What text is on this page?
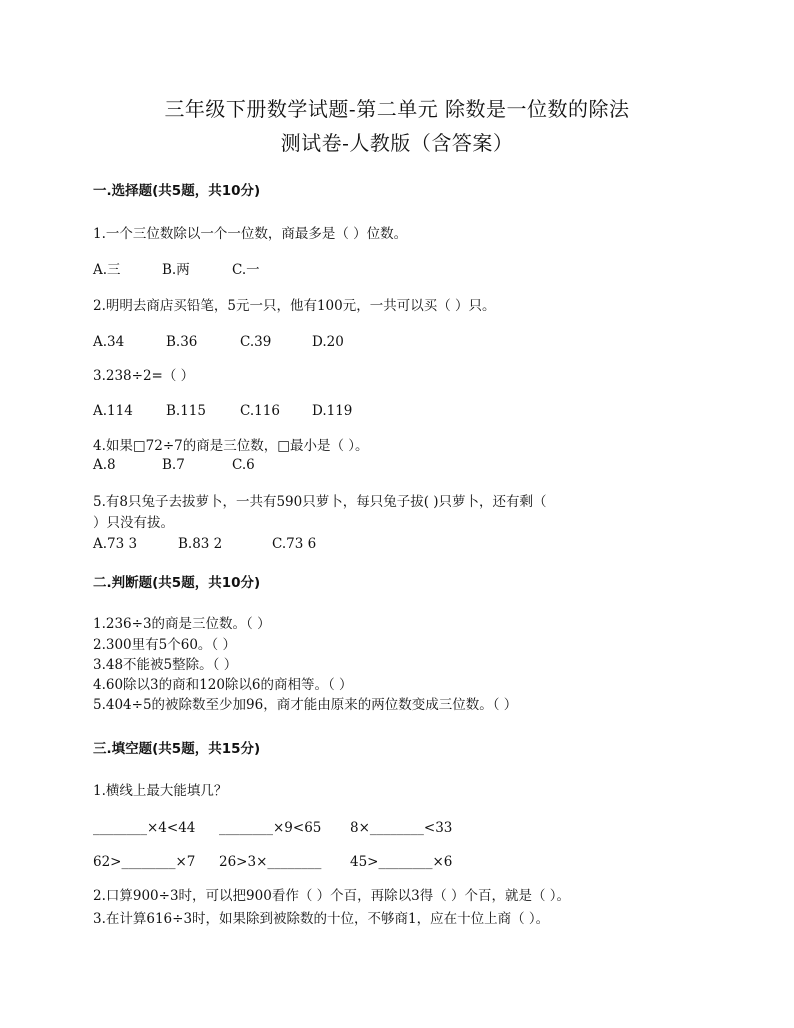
三年级下册数学试题-第二单元 除数是一位数的除法
测试卷-人教版（含答案）
一.选择题(共5题，共10分)
1.一个三位数除以一个一位数，商最多是（ ）位数。
A.三	B.两	C.一
2.明明去商店买铅笔，5元一只，他有100元，一共可以买（ ）只。
A.34	B.36	C.39	D.20
3.238÷2=（ ）
A.114 B.115	C.116 D.119
4.如果□72÷7的商是三位数，□最小是（ ）。
A.8	B.7	C.6
5.有8只兔子去拔萝卜，一共有590只萝卜，每只兔子拔( )只萝卜，还有剩（
）只没有拔。
A.73 3	B.83 2	C.73 6
二.判断题(共5题，共10分)
1.236÷3的商是三位数。（ ）
2.300里有5个60。（ ）
3.48不能被5整除。（ ）
4.60除以3的商和120除以6的商相等。（ ）
5.404÷5的被除数至少加96，商才能由原来的两位数变成三位数。（ ）
三.填空题(共5题，共15分)
1.横线上最大能填几？
________×4<44 ________×9<65 8×________<33
62>________×7 26>3×________ 45>________×6
2.口算900÷3时，可以把900看作（ ）个百，再除以3得（ ）个百，就是（ ）。
3.在计算616÷3时，如果除到被除数的十位，不够商1，应在十位上商（ ）。
